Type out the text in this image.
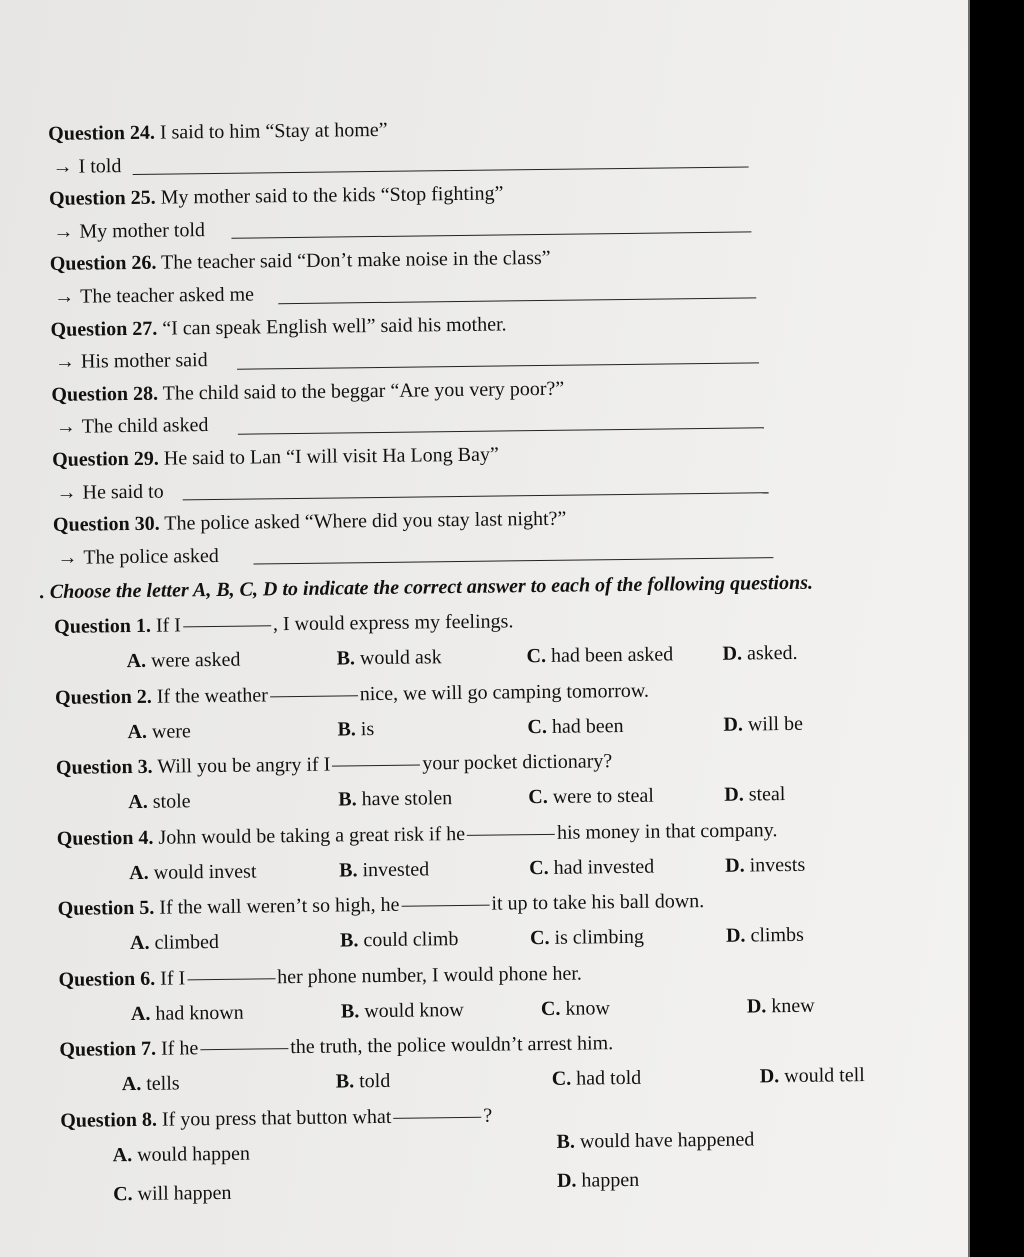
Question 24. I said to him “Stay at home”
→ I told
Question 25. My mother said to the kids “Stop fighting”
→ My mother told
Question 26. The teacher said “Don’t make noise in the class”
→ The teacher asked me
Question 27. “I can speak English well” said his mother.
→ His mother said
Question 28. The child said to the beggar “Are you very poor?”
→ The child asked
Question 29. He said to Lan “I will visit Ha Long Bay”
→ He said to
Question 30. The police asked “Where did you stay last night?”
→ The police asked
. Choose the letter A, B, C, D to indicate the correct answer to each of the following questions.
Question 1. If I	, I would express my feelings.
A. were asked	B. would ask	C. had been asked D. asked.
Question 2. If the weather	nice, we will go camping tomorrow.
A. were	B. is	C. had been	D. will be
Question 3. Will you be angry if I	your pocket dictionary?
A. stole	B. have stolen	C. were to steal	D. steal
Question 4. John would be taking a great risk if he	his money in that company.
A. would invest	B. invested	C. had invested	D. invests
Question 5. If the wall weren’t so high, he	it up to take his ball down.
A. climbed	B. could climb	C. is climbing	D. climbs
Question 6. If I	her phone number, I would phone her.
A. had known	B. would know	C. know	D. knew
Question 7. If he	the truth, the police wouldn’t arrest him.
A. tells	B. told	C. had told	D. would tell
Question 8. If you press that button what	?
A. would happen
B. would have happened
C. will happen
D. happen
